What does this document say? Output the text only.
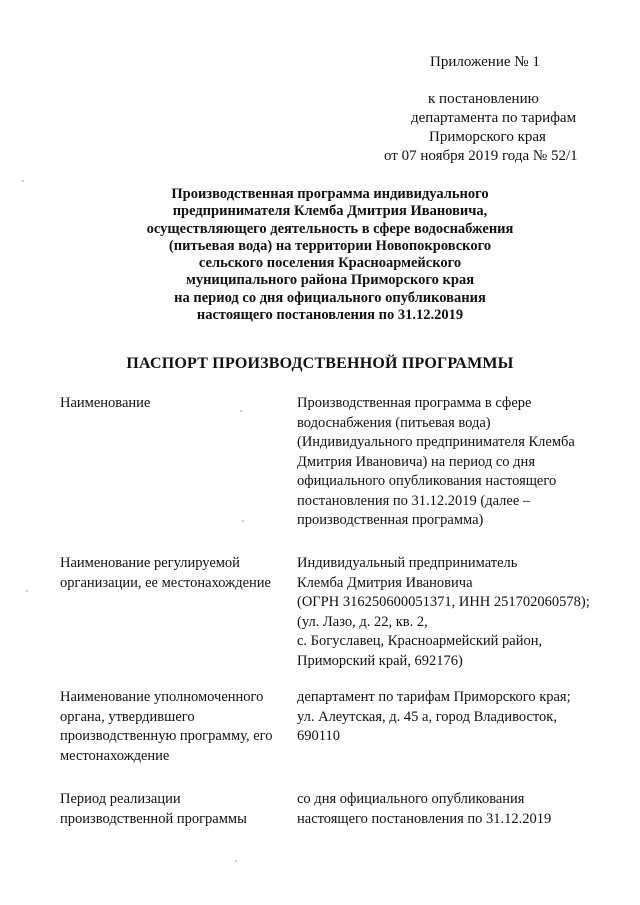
Приложение № 1
к постановлению
департамента по тарифам
Приморского края
от 07 ноября 2019 года № 52/1
Производственная программа индивидуального
предпринимателя Клемба Дмитрия Ивановича,
осуществляющего деятельность в сфере водоснабжения
(питьевая вода) на территории Новопокровского
сельского поселения Красноармейского
муниципального района Приморского края
на период со дня официального опубликования
настоящего постановления по 31.12.2019
ПАСПОРТ ПРОИЗВОДСТВЕННОЙ ПРОГРАММЫ
Наименование	Производственная программа в сфере
водоснабжения (питьевая вода)
(Индивидуального предпринимателя Клемба
Дмитрия Ивановича) на период со дня
официального опубликования настоящего
постановления по 31.12.2019 (далее –
производственная программа)
Наименование регулируемой
организации, ее местонахождение
Индивидуальный предприниматель
Клемба Дмитрия Ивановича
(ОГРН 316250600051371, ИНН 251702060578);
(ул. Лазо, д. 22, кв. 2,
с. Богуславец, Красноармейский район,
Приморский край, 692176)
Наименование уполномоченного
органа, утвердившего
производственную программу, его
местонахождение
департамент по тарифам Приморского края;
ул. Алеутская, д. 45 а, город Владивосток,
690110
Период реализации
производственной программы
со дня официального опубликования
настоящего постановления по 31.12.2019
